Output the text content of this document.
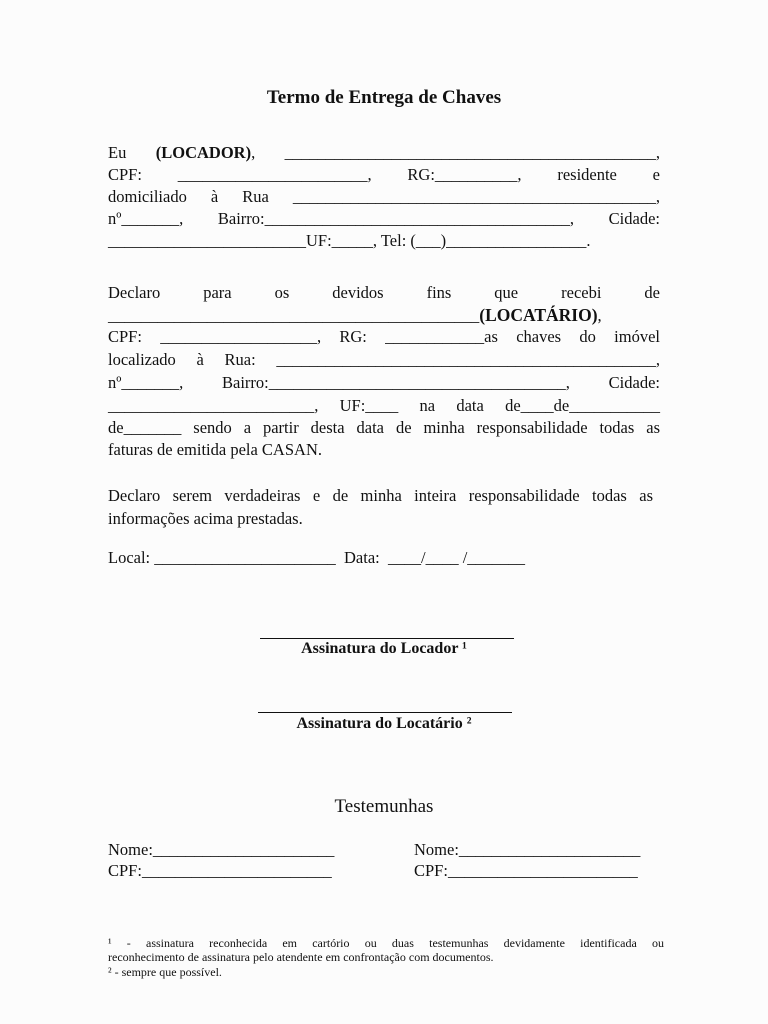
Termo de Entrega de Chaves
Eu (LOCADOR), _____________________________________________,
CPF: _______________________, RG:__________, residente e
domiciliado à Rua ____________________________________________,
nº_______, Bairro:_____________________________________, Cidade:
________________________UF:_____, Tel: (___)_________________.
Declaro para os devidos fins que recebi de
_____________________________________________(LOCATÁRIO),
CPF: ___________________, RG: ____________as chaves do imóvel
localizado à Rua: ______________________________________________,
nº_______, Bairro:____________________________________, Cidade:
_________________________, UF:____ na data de____de___________
de_______ sendo a partir desta data de minha responsabilidade todas as
faturas de emitida pela CASAN.
Declaro serem verdadeiras e de minha inteira responsabilidade todas as
informações acima prestadas.
Local: ______________________  Data:  ____/____ /_______
Assinatura do Locador ¹
Assinatura do Locatário ²
Testemunhas
Nome:______________________
CPF:_______________________
Nome:______________________
CPF:_______________________
¹ - assinatura reconhecida em cartório ou duas testemunhas devidamente identificada ou
reconhecimento de assinatura pelo atendente em confrontação com documentos.
² - sempre que possível.
